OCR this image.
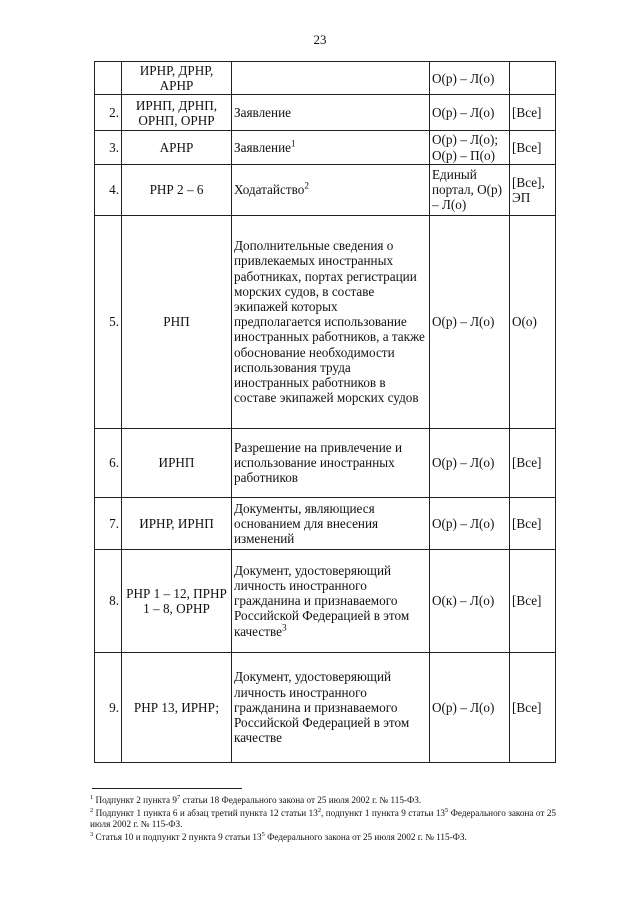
23
	ИРНР, ДРНР, АРНР		О(р) – Л(о)	
2.	ИРНП, ДРНП, ОРНП, ОРНР	Заявление	О(р) – Л(о)	[Все]
3.	АРНР	Заявление$^1$	О(р) – Л(о); О(р) – П(о)	[Все]
4.	РНР 2 – 6	Ходатайство$^2$	Единый портал, О(р) – Л(о)	[Все], ЭП
5.	РНП	Дополнительные сведения о привлекаемых иностранных работниках, портах регистрации морских судов, в составе экипажей которых предполагается использование иностранных работников, а также обоснование необходимости использования труда иностранных работников в составе экипажей морских судов	О(р) – Л(о)	О(о)
6.	ИРНП	Разрешение на привлечение и использование иностранных работников	О(р) – Л(о)	[Все]
7.	ИРНР, ИРНП	Документы, являющиеся основанием для внесения изменений	О(р) – Л(о)	[Все]
8.	РНР 1 – 12, ПРНР 1 – 8, ОРНР	Документ, удостоверяющий личность иностранного гражданина и признаваемого Российской Федерацией в этом качестве$^3$	О(к) – Л(о)	[Все]
9.	РНР 13, ИРНР;	Документ, удостоверяющий личность иностранного гражданина и признаваемого Российской Федерацией в этом качестве	О(р) – Л(о)	[Все]

$^1$ Подпункт 2 пункта $9^7$ статьи 18 Федерального закона от 25 июля 2002 г. № 115-ФЗ.

$^2$ Подпункт 1 пункта 6 и абзац третий пункта 12 статьи $13^2$, подпункт 1 пункта 9 статьи $13^5$ Федерального закона от 25 июля 2002 г. № 115-ФЗ.

$^3$ Статья 10 и подпункт 2 пункта 9 статьи $13^5$ Федерального закона от 25 июля 2002 г. № 115-ФЗ.
